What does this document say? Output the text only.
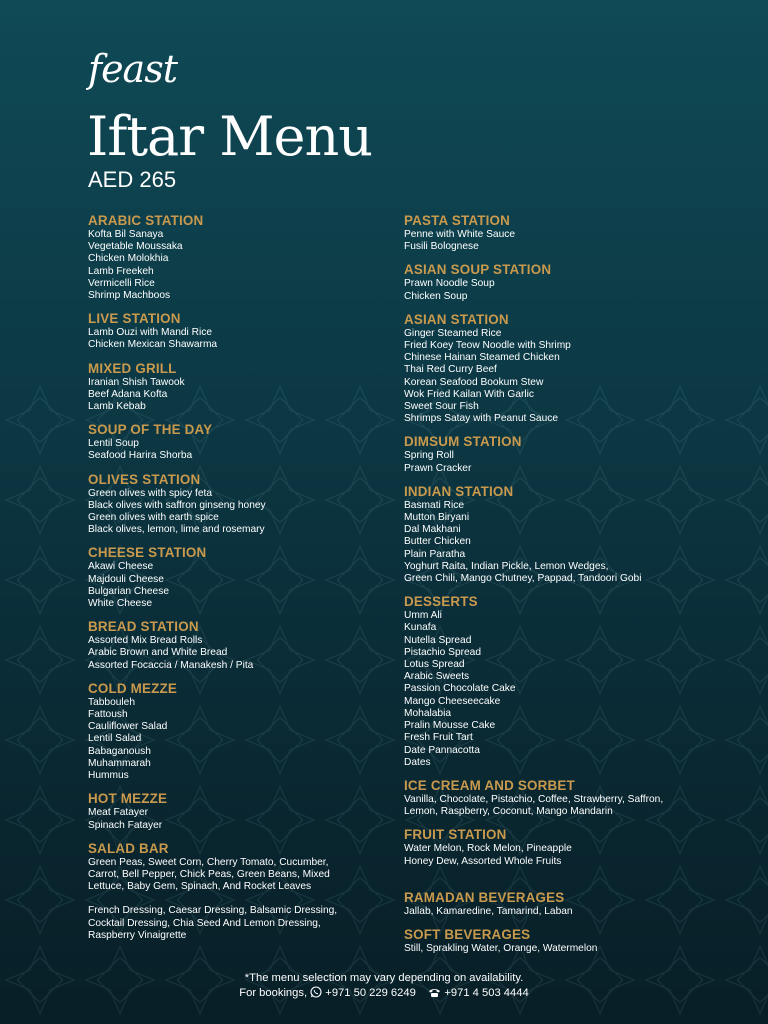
feast
Iftar Menu
AED 265
ARABIC STATION
Kofta Bil Sanaya
Vegetable Moussaka
Chicken Molokhia
Lamb Freekeh
Vermicelli Rice
Shrimp Machboos
LIVE STATION
Lamb Ouzi with Mandi Rice
Chicken Mexican Shawarma
MIXED GRILL
Iranian Shish Tawook
Beef Adana Kofta
Lamb Kebab
SOUP OF THE DAY
Lentil Soup
Seafood Harira Shorba
OLIVES STATION
Green olives with spicy feta
Black olives with saffron ginseng honey
Green olives with earth spice
Black olives, lemon, lime and rosemary
CHEESE STATION
Akawi Cheese
Majdouli Cheese
Bulgarian Cheese
White Cheese
BREAD STATION
Assorted Mix Bread Rolls
Arabic Brown and White Bread
Assorted Focaccia / Manakesh / Pita
COLD MEZZE
Tabbouleh
Fattoush
Cauliflower Salad
Lentil Salad
Babaganoush
Muhammarah
Hummus
HOT MEZZE
Meat Fatayer
Spinach Fatayer
SALAD BAR
Green Peas, Sweet Corn, Cherry Tomato, Cucumber,
Carrot, Bell Pepper, Chick Peas, Green Beans, Mixed
Lettuce, Baby Gem, Spinach, And Rocket Leaves
French Dressing, Caesar Dressing, Balsamic Dressing,
Cocktail Dressing, Chia Seed And Lemon Dressing,
Raspberry Vinaigrette
PASTA STATION
Penne with White Sauce
Fusili Bolognese
ASIAN SOUP STATION
Prawn Noodle Soup
Chicken Soup
ASIAN STATION
Ginger Steamed Rice
Fried Koey Teow Noodle with Shrimp
Chinese Hainan Steamed Chicken
Thai Red Curry Beef
Korean Seafood Bookum Stew
Wok Fried Kailan With Garlic
Sweet Sour Fish
Shrimps Satay with Peanut Sauce
DIMSUM STATION
Spring Roll
Prawn Cracker
INDIAN STATION
Basmati Rice
Mutton Biryani
Dal Makhani
Butter Chicken
Plain Paratha
Yoghurt Raita, Indian Pickle, Lemon Wedges,
Green Chili, Mango Chutney, Pappad, Tandoori Gobi
DESSERTS
Umm Ali
Kunafa
Nutella Spread
Pistachio Spread
Lotus Spread
Arabic Sweets
Passion Chocolate Cake
Mango Cheeseecake
Mohalabia
Pralin Mousse Cake
Fresh Fruit Tart
Date Pannacotta
Dates
ICE CREAM AND SORBET
Vanilla, Chocolate, Pistachio, Coffee, Strawberry, Saffron,
Lemon, Raspberry, Coconut, Mango Mandarin
FRUIT STATION
Water Melon, Rock Melon, Pineapple
Honey Dew, Assorted Whole Fruits
RAMADAN BEVERAGES
Jallab, Kamaredine, Tamarind, Laban
SOFT BEVERAGES
Still, Sprakling Water, Orange, Watermelon
*The menu selection may vary depending on availability.
For bookings, +971 50 229 6249	+971 4 503 4444
